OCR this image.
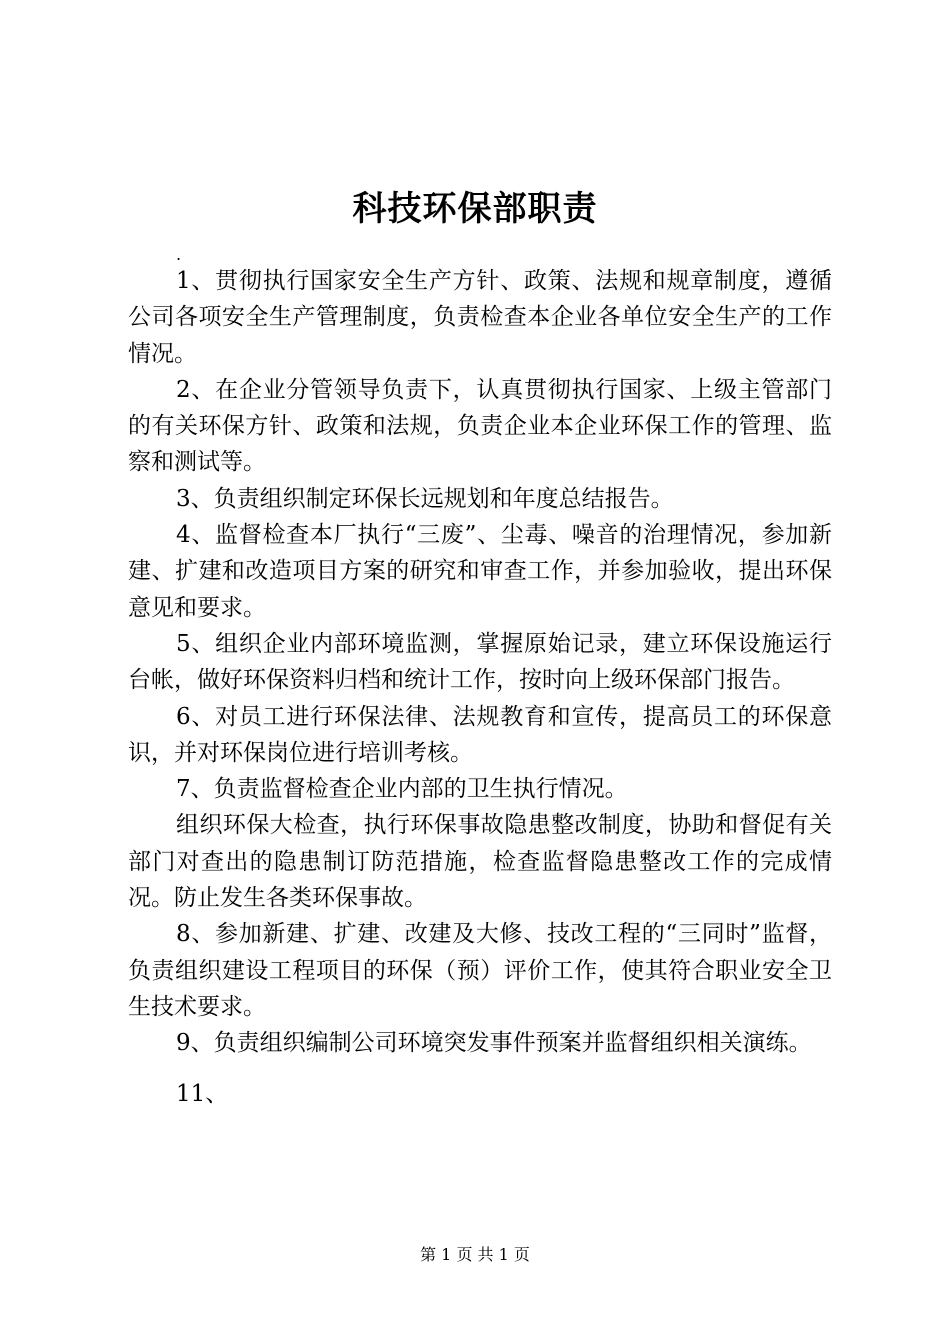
科技环保部职责
.

1、贯彻执行国家安全生产方针、政策、法规和规章制度，遵循公司各项安全生产管理制度，负责检查本企业各单位安全生产的工作情况。

2、在企业分管领导负责下，认真贯彻执行国家、上级主管部门的有关环保方针、政策和法规，负责企业本企业环保工作的管理、监察和测试等。

3、负责组织制定环保长远规划和年度总结报告。

4、监督检查本厂执行“三废”、尘毒、噪音的治理情况，参加新建、扩建和改造项目方案的研究和审查工作，并参加验收，提出环保意见和要求。

5、组织企业内部环境监测，掌握原始记录，建立环保设施运行台帐，做好环保资料归档和统计工作，按时向上级环保部门报告。

6、对员工进行环保法律、法规教育和宣传，提高员工的环保意识，并对环保岗位进行培训考核。

7、负责监督检查企业内部的卫生执行情况。

组织环保大检查，执行环保事故隐患整改制度，协助和督促有关部门对查出的隐患制订防范措施，检查监督隐患整改工作的完成情况。防止发生各类环保事故。

8、参加新建、扩建、改建及大修、技改工程的“三同时”监督，负责组织建设工程项目的环保（预）评价工作，使其符合职业安全卫生技术要求。

9、负责组织编制公司环境突发事件预案并监督组织相关演练。

11、

第 1 页 共 1 页
